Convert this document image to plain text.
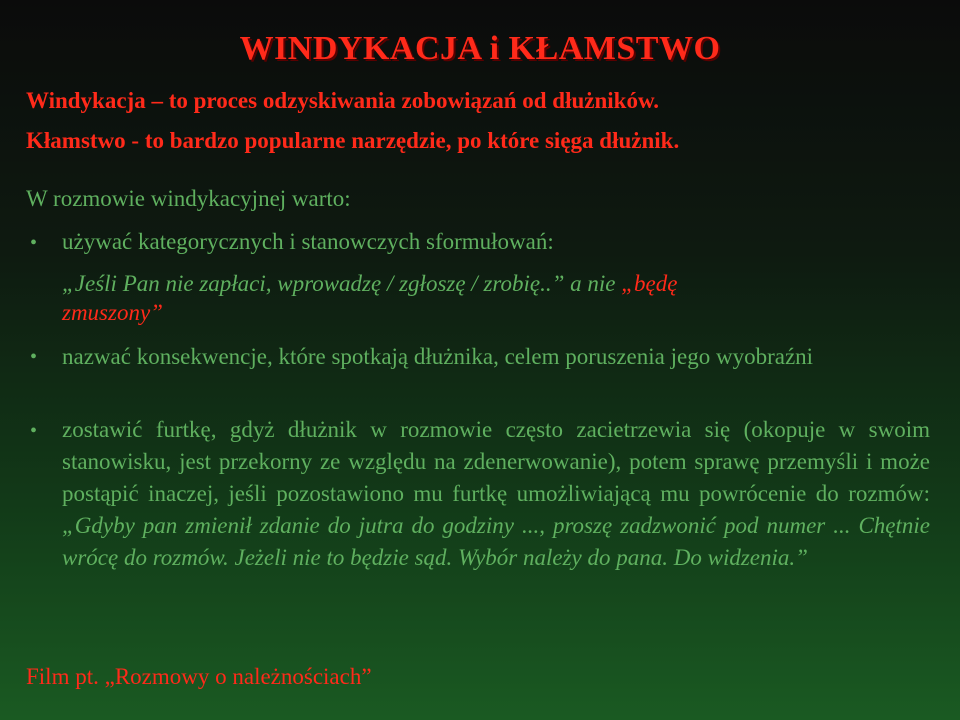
WINDYKACJA i KŁAMSTWO
Windykacja – to proces odzyskiwania zobowiązań od dłużników.
Kłamstwo - to bardzo popularne narzędzie, po które sięga dłużnik.
W rozmowie windykacyjnej warto:
• używać kategorycznych i stanowczych sformułowań:
„Jeśli Pan nie zapłaci, wprowadzę / zgłoszę / zrobię..” a nie „będę
zmuszony”
• nazwać konsekwencje, które spotkają dłużnika, celem poruszenia jego wyobraźni
• zostawić furtkę, gdyż dłużnik w rozmowie często zacietrzewia się (okopuje w swoim stanowisku, jest przekorny ze względu na zdenerwowanie), potem sprawę przemyśli i może postąpić inaczej, jeśli pozostawiono mu furtkę umożliwiającą mu powrócenie do rozmów: „Gdyby pan zmienił zdanie do jutra do godziny ..., proszę zadzwonić pod numer ... Chętnie wrócę do rozmów. Jeżeli nie to będzie sąd. Wybór należy do pana. Do widzenia.”
Film pt. „Rozmowy o należnościach”
